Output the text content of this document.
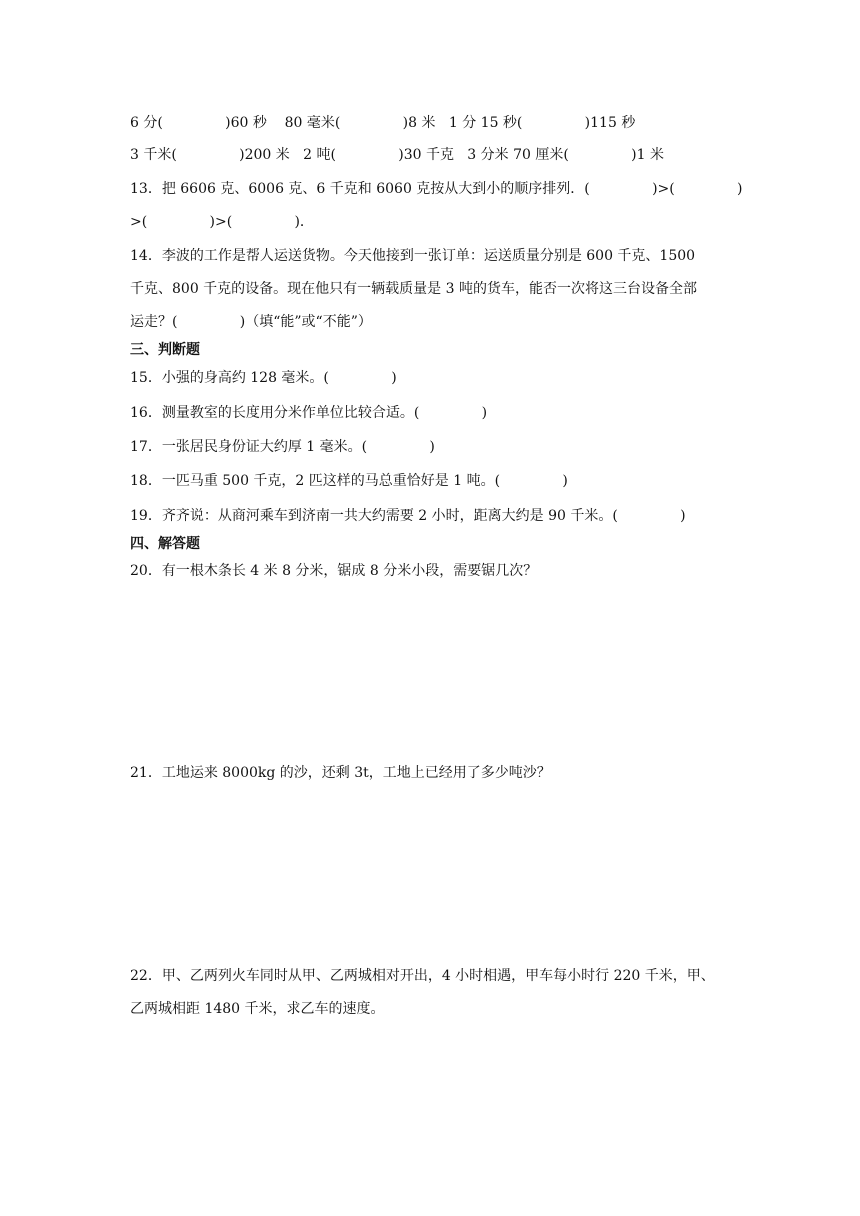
6 分(              )60 秒    80 毫米(              )8 米   1 分 15 秒(              )115 秒
3 千米(              )200 米   2 吨(              )30 千克   3 分米 70 厘米(              )1 米
13．把 6606 克、6006 克、6 千克和 6060 克按从大到小的顺序排列．(              )>(              )
>(              )>(              )．
14．李波的工作是帮人运送货物。今天他接到一张订单：运送质量分别是 600 千克、1500
千克、800 千克的设备。现在他只有一辆载质量是 3 吨的货车，能否一次将这三台设备全部
运走？(              )（填“能”或“不能”）
三、判断题
15．小强的身高约 128 毫米。(              )
16．测量教室的长度用分米作单位比较合适。(              )
17．一张居民身份证大约厚 1 毫米。(              )
18．一匹马重 500 千克，2 匹这样的马总重恰好是 1 吨。(              )
19．齐齐说：从商河乘车到济南一共大约需要 2 小时，距离大约是 90 千米。(              )
四、解答题
20．有一根木条长 4 米 8 分米，锯成 8 分米小段，需要锯几次？
21．工地运来 8000kg 的沙，还剩 3t，工地上已经用了多少吨沙？
22．甲、乙两列火车同时从甲、乙两城相对开出，4 小时相遇，甲车每小时行 220 千米，甲、
乙两城相距 1480 千米，求乙车的速度。
